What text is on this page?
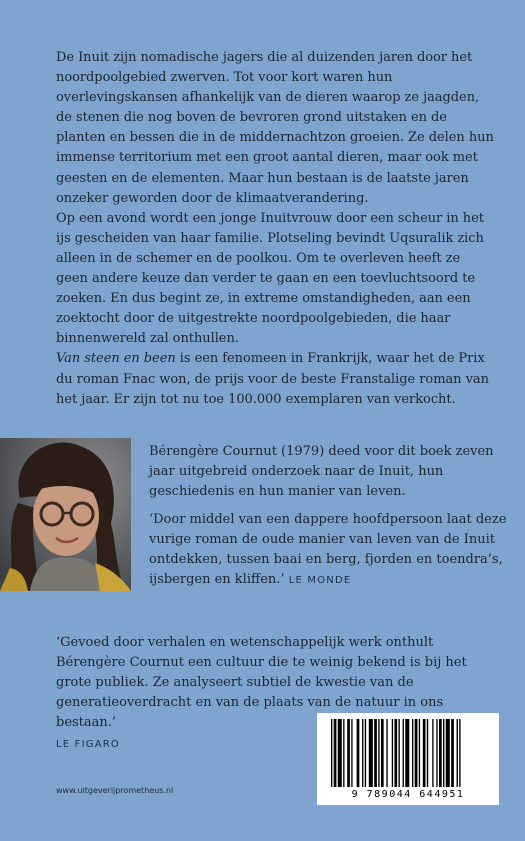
De Inuit zijn nomadische jagers die al duizenden jaren door het noordpoolgebied zwerven. Tot voor kort waren hun overlevingskansen afhankelijk van de dieren waarop ze jaagden, de stenen die nog boven de bevroren grond uitstaken en de planten en bessen die in de middernachtzon groeien. Ze delen hun immense territorium met een groot aantal dieren, maar ook met geesten en de elementen. Maar hun bestaan is de laatste jaren onzeker geworden door de klimaatverandering.

Op een avond wordt een jonge Inuitvrouw door een scheur in het ijs gescheiden van haar familie. Plotseling bevindt Uqsuralik zich alleen in de schemer en de poolkou. Om te overleven heeft ze geen andere keuze dan verder te gaan en een toevluchtsoord te zoeken. En dus begint ze, in extreme omstandigheden, aan een zoektocht door de uitgestrekte noordpoolgebieden, die haar binnenwereld zal onthullen.

Van steen en been is een fenomeen in Frankrijk, waar het de Prix du roman Fnac won, de prijs voor de beste Franstalige roman van het jaar. Er zijn tot nu toe 100.000 exemplaren van verkocht.

Bérengère Cournut (1979) deed voor dit boek zeven jaar uitgebreid onderzoek naar de Inuit, hun geschiedenis en hun manier van leven.
‘Door middel van een dappere hoofdpersoon laat deze vurige roman de oude manier van leven van de Inuit ontdekken, tussen baai en berg, fjorden en toendra’s, ijsbergen en kliffen.’ LE MONDE
‘Gevoed door verhalen en wetenschappelijk werk onthult Bérengère Cournut een cultuur die te weinig bekend is bij het grote publiek. Ze analyseert subtiel de kwestie van de generatieoverdracht en van de plaats van de natuur in ons bestaan.’
LE FIGARO
www.uitgeverijprometheus.nl	9 789044 644951
